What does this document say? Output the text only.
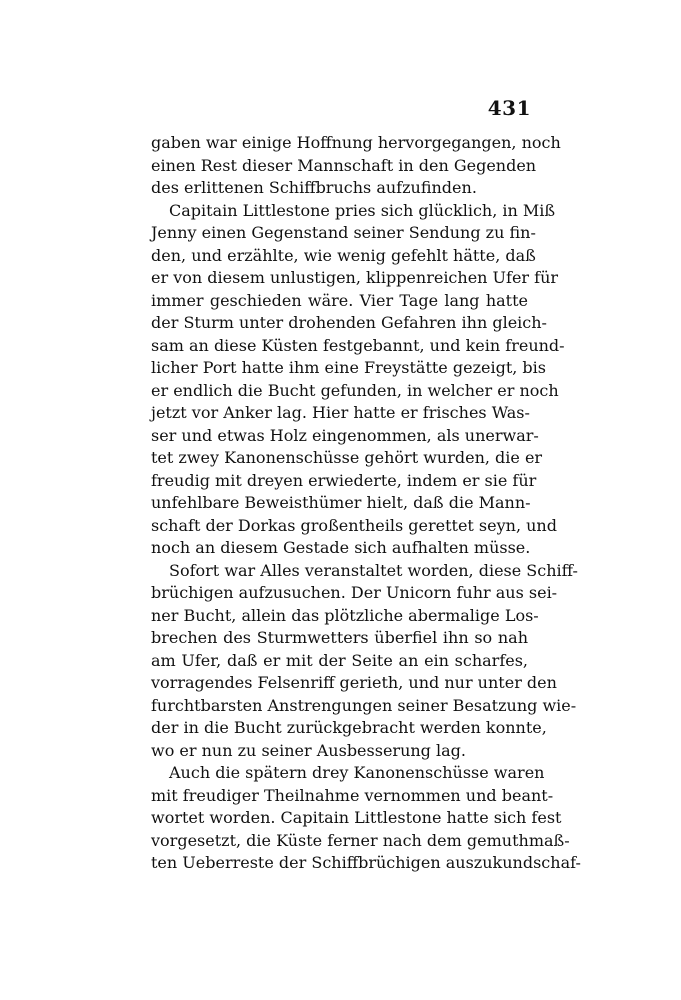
431
gaben war einige Hoffnung hervorgegangen, noch
einen Rest dieser Mannschaft in den Gegenden
des erlittenen Schiffbruchs aufzufinden.
Capitain Littlestone pries sich glücklich, in Miß
Jenny einen Gegenstand seiner Sendung zu fin-
den, und erzählte, wie wenig gefehlt hätte, daß
er von diesem unlustigen, klippenreichen Ufer für
immer geschieden wäre. Vier Tage lang hatte
der Sturm unter drohenden Gefahren ihn gleich-
sam an diese Küsten festgebannt, und kein freund-
licher Port hatte ihm eine Freystätte gezeigt, bis
er endlich die Bucht gefunden, in welcher er noch
jetzt vor Anker lag. Hier hatte er frisches Was-
ser und etwas Holz eingenommen, als unerwar-
tet zwey Kanonenschüsse gehört wurden, die er
freudig mit dreyen erwiederte, indem er sie für
unfehlbare Beweisthümer hielt, daß die Mann-
schaft der Dorkas großentheils gerettet seyn, und
noch an diesem Gestade sich aufhalten müsse.
Sofort war Alles veranstaltet worden, diese Schiff-
brüchigen aufzusuchen. Der Unicorn fuhr aus sei-
ner Bucht, allein das plötzliche abermalige Los-
brechen des Sturmwetters überfiel ihn so nah
am Ufer, daß er mit der Seite an ein scharfes,
vorragendes Felsenriff gerieth, und nur unter den
furchtbarsten Anstrengungen seiner Besatzung wie-
der in die Bucht zurückgebracht werden konnte,
wo er nun zu seiner Ausbesserung lag.
Auch die spätern drey Kanonenschüsse waren
mit freudiger Theilnahme vernommen und beant-
wortet worden. Capitain Littlestone hatte sich fest
vorgesetzt, die Küste ferner nach dem gemuthmaß-
ten Ueberreste der Schiffbrüchigen auszukundschaf-
